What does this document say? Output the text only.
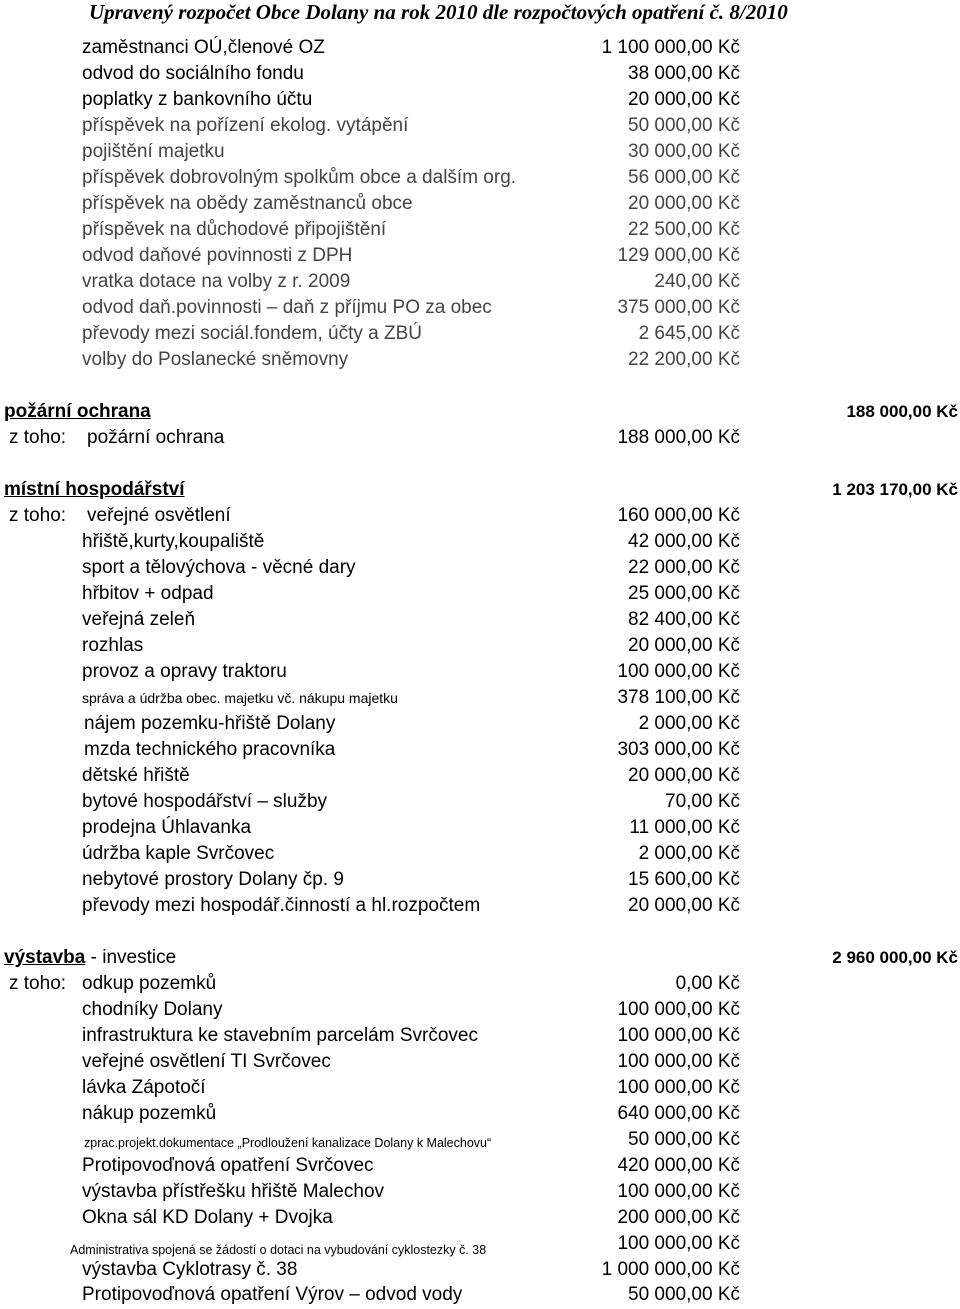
Upravený rozpočet Obce Dolany na rok 2010 dle rozpočtových opatření č. 8/2010
zaměstnanci OÚ,členové OZ	1 100 000,00 Kč
odvod do sociálního fondu	38 000,00 Kč
poplatky z bankovního účtu	20 000,00 Kč
příspěvek na pořízení ekolog. vytápění	50 000,00 Kč
pojištění majetku	30 000,00 Kč
příspěvek dobrovolným spolkům obce a dalším org.	56 000,00 Kč
příspěvek na obědy zaměstnanců obce	20 000,00 Kč
příspěvek na důchodové připojištění	22 500,00 Kč
odvod daňové povinnosti z DPH	129 000,00 Kč
vratka dotace na volby z r. 2009	240,00 Kč
odvod daň.povinnosti – daň z příjmu PO za obec	375 000,00 Kč
převody mezi sociál.fondem, účty a ZBÚ	2 645,00 Kč
volby do Poslanecké sněmovny	22 200,00 Kč
požární ochrana	188 000,00 Kč
z toho: požární ochrana	188 000,00 Kč
místní hospodářství	1 203 170,00 Kč
z toho: veřejné osvětlení	160 000,00 Kč
hřiště,kurty,koupaliště	42 000,00 Kč
sport a tělovýchova - věcné dary	22 000,00 Kč
hřbitov + odpad	25 000,00 Kč
veřejná zeleň	82 400,00 Kč
rozhlas	20 000,00 Kč
provoz a opravy traktoru	100 000,00 Kč
správa a údržba obec. majetku vč. nákupu majetku	378 100,00 Kč
nájem pozemku-hřiště Dolany	2 000,00 Kč
mzda technického pracovníka	303 000,00 Kč
dětské hřiště	20 000,00 Kč
bytové hospodářství – služby	70,00 Kč
prodejna Úhlavanka	11 000,00 Kč
údržba kaple Svrčovec	2 000,00 Kč
nebytové prostory Dolany čp. 9	15 600,00 Kč
převody mezi hospodář.činností a hl.rozpočtem	20 000,00 Kč
výstavba - investice	2 960 000,00 Kč
z toho: odkup pozemků	0,00 Kč
chodníky Dolany	100 000,00 Kč
infrastruktura ke stavebním parcelám Svrčovec	100 000,00 Kč
veřejné osvětlení TI Svrčovec	100 000,00 Kč
lávka Zápotočí	100 000,00 Kč
nákup pozemků	640 000,00 Kč
zprac.projekt.dokumentace „Prodloužení kanalizace Dolany k Malechovu“	50 000,00 Kč
Protipovoďnová opatření Svrčovec	420 000,00 Kč
výstavba přístřešku hřiště Malechov	100 000,00 Kč
Okna sál KD Dolany + Dvojka	200 000,00 Kč
Administrativa spojená se žádostí o dotaci na vybudování cyklostezky č. 38	100 000,00 Kč
výstavba Cyklotrasy č. 38	1 000 000,00 Kč
Protipovoďnová opatření Výrov – odvod vody	50 000,00 Kč
